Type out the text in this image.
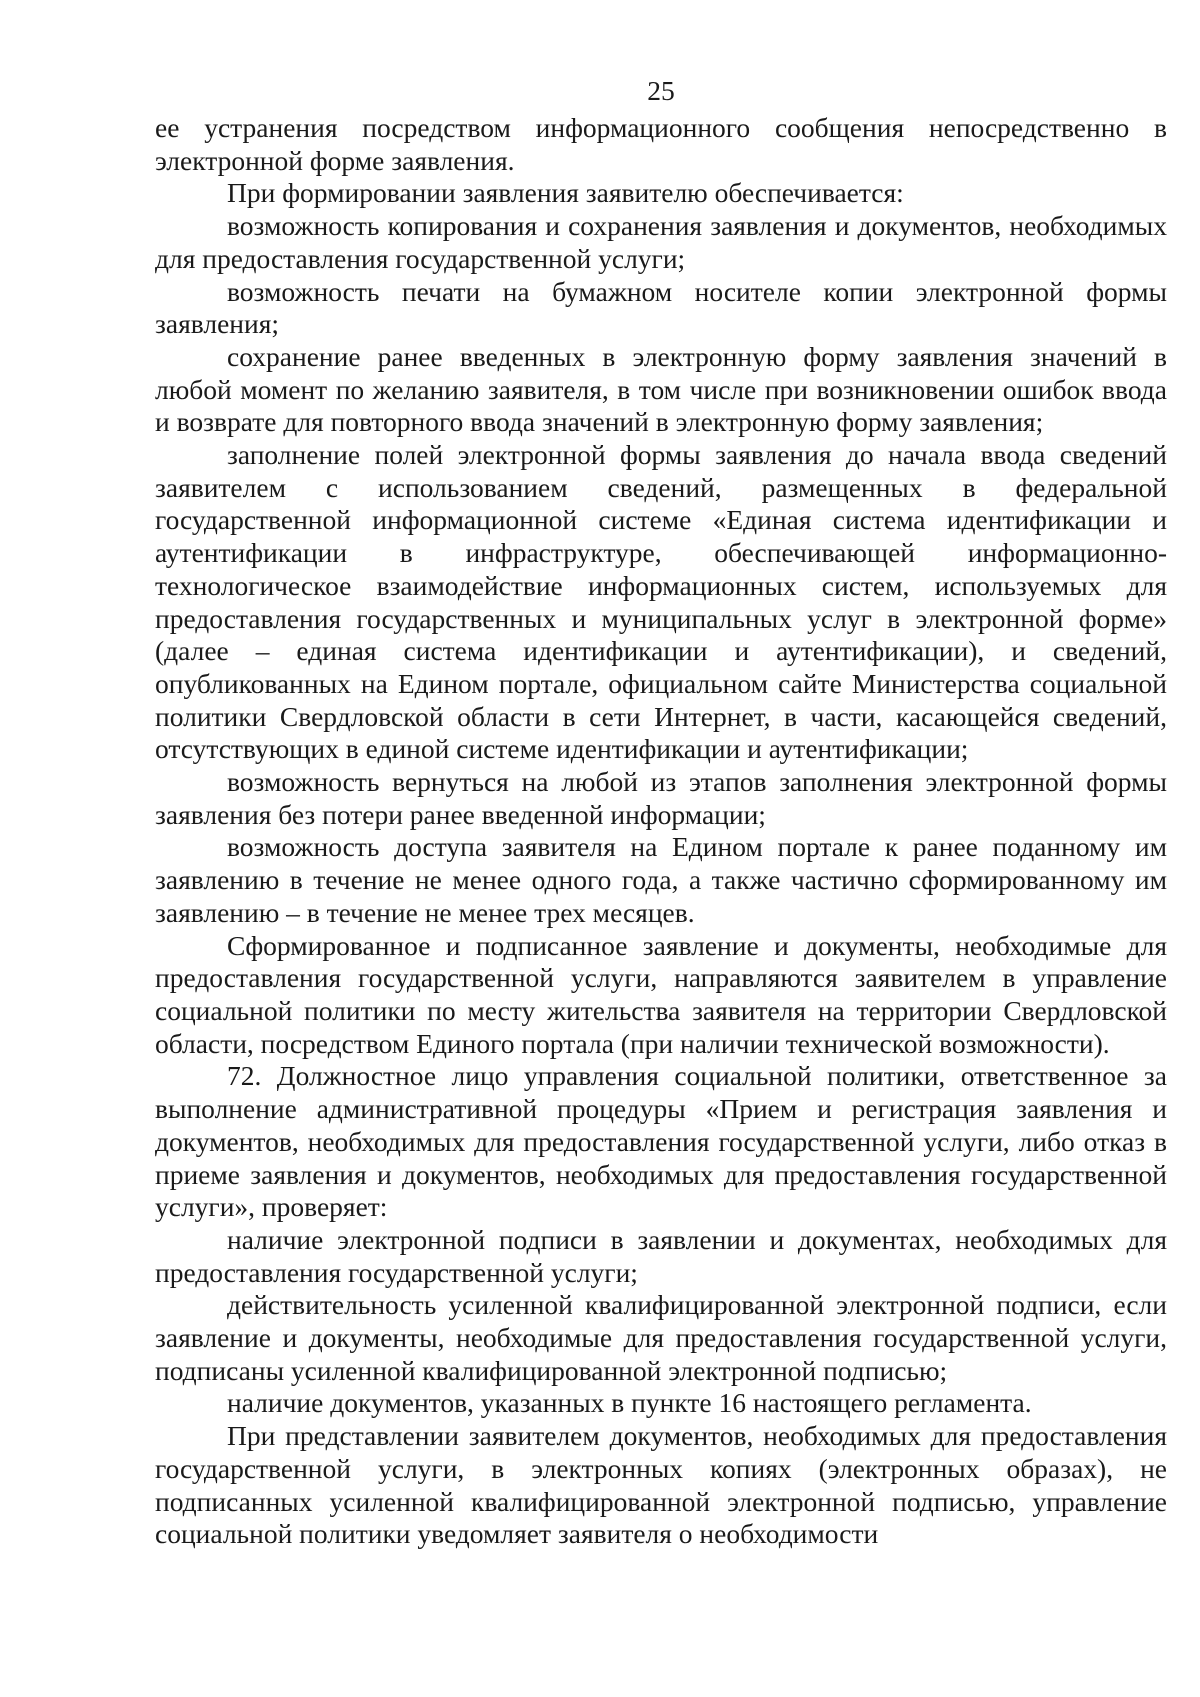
25

ее устранения посредством информационного сообщения непосредственно в электронной форме заявления.

При формировании заявления заявителю обеспечивается:

возможность копирования и сохранения заявления и документов, необходимых для предоставления государственной услуги;

возможность печати на бумажном носителе копии электронной формы заявления;

сохранение ранее введенных в электронную форму заявления значений в любой момент по желанию заявителя, в том числе при возникновении ошибок ввода и возврате для повторного ввода значений в электронную форму заявления;

заполнение полей электронной формы заявления до начала ввода сведений заявителем с использованием сведений, размещенных в федеральной государственной информационной системе «Единая система идентификации и аутентификации в инфраструктуре, обеспечивающей информационно-технологическое взаимодействие информационных систем, используемых для предоставления государственных и муниципальных услуг в электронной форме» (далее – единая система идентификации и аутентификации), и сведений, опубликованных на Едином портале, официальном сайте Министерства социальной политики Свердловской области в сети Интернет, в части, касающейся сведений, отсутствующих в единой системе идентификации и аутентификации;

возможность вернуться на любой из этапов заполнения электронной формы заявления без потери ранее введенной информации;

возможность доступа заявителя на Едином портале к ранее поданному им заявлению в течение не менее одного года, а также частично сформированному им заявлению – в течение не менее трех месяцев.

Сформированное и подписанное заявление и документы, необходимые для предоставления государственной услуги, направляются заявителем в управление социальной политики по месту жительства заявителя на территории Свердловской области, посредством Единого портала (при наличии технической возможности).

72. Должностное лицо управления социальной политики, ответственное за выполнение административной процедуры «Прием и регистрация заявления и документов, необходимых для предоставления государственной услуги, либо отказ в приеме заявления и документов, необходимых для предоставления государственной услуги», проверяет:

наличие электронной подписи в заявлении и документах, необходимых для предоставления государственной услуги;

действительность усиленной квалифицированной электронной подписи, если заявление и документы, необходимые для предоставления государственной услуги, подписаны усиленной квалифицированной электронной подписью;

наличие документов, указанных в пункте 16 настоящего регламента.

При представлении заявителем документов, необходимых для предоставления государственной услуги, в электронных копиях (электронных образах), не подписанных усиленной квалифицированной электронной подписью, управление социальной политики уведомляет заявителя о необходимости
